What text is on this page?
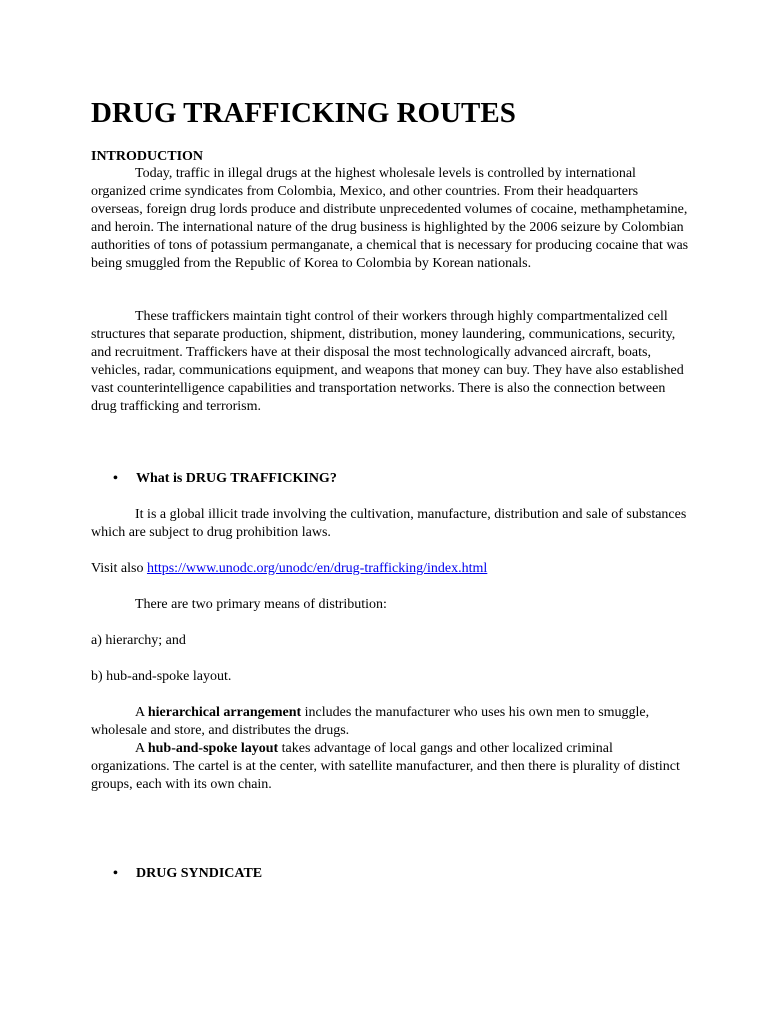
DRUG TRAFFICKING ROUTES
INTRODUCTION

Today, traffic in illegal drugs at the highest wholesale levels is controlled by international organized crime syndicates from Colombia, Mexico, and other countries. From their headquarters overseas, foreign drug lords produce and distribute unprecedented volumes of cocaine, methamphetamine, and heroin. The international nature of the drug business is highlighted by the 2006 seizure by Colombian authorities of tons of potassium permanganate, a chemical that is necessary for producing cocaine that was being smuggled from the Republic of Korea to Colombia by Korean nationals.

These traffickers maintain tight control of their workers through highly compartmentalized cell structures that separate production, shipment, distribution, money laundering, communications, security, and recruitment. Traffickers have at their disposal the most technologically advanced aircraft, boats, vehicles, radar, communications equipment, and weapons that money can buy. They have also established vast counterintelligence capabilities and transportation networks. There is also the connection between drug trafficking and terrorism.

• What is DRUG TRAFFICKING?

It is a global illicit trade involving the cultivation, manufacture, distribution and sale of substances which are subject to drug prohibition laws.

Visit also https://www.unodc.org/unodc/en/drug-trafficking/index.html

There are two primary means of distribution:

a) hierarchy; and

b) hub-and-spoke layout.

A hierarchical arrangement includes the manufacturer who uses his own men to smuggle, wholesale and store, and distributes the drugs.

A hub-and-spoke layout takes advantage of local gangs and other localized criminal organizations. The cartel is at the center, with satellite manufacturer, and then there is plurality of distinct groups, each with its own chain.

• DRUG SYNDICATE
